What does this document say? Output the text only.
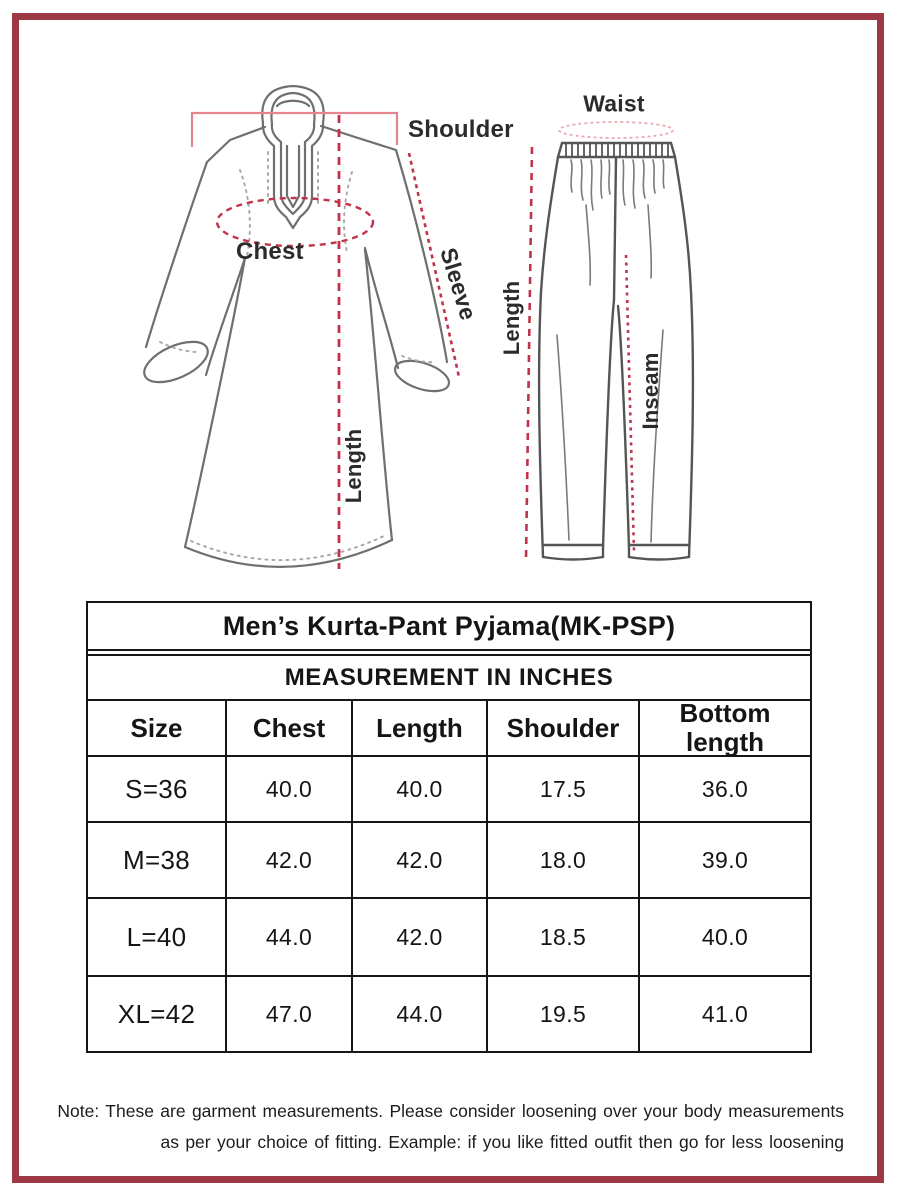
Shoulder
Chest	Sleeve
Length
Waist
Length
Inseam
Men’s Kurta-Pant Pyjama(MK-PSP)
MEASUREMENT IN INCHES
Size	Chest	Length	Shoulder	Bottom length
S=36	40.0	40.0	17.5	36.0
M=38	42.0	42.0	18.0	39.0
L=40	44.0	42.0	18.5	40.0
XL=42	47.0	44.0	19.5	41.0
Note: These are garment measurements. Please consider loosening over your body measurements
as per your choice of fitting. Example: if you like fitted outfit then go for less loosening
